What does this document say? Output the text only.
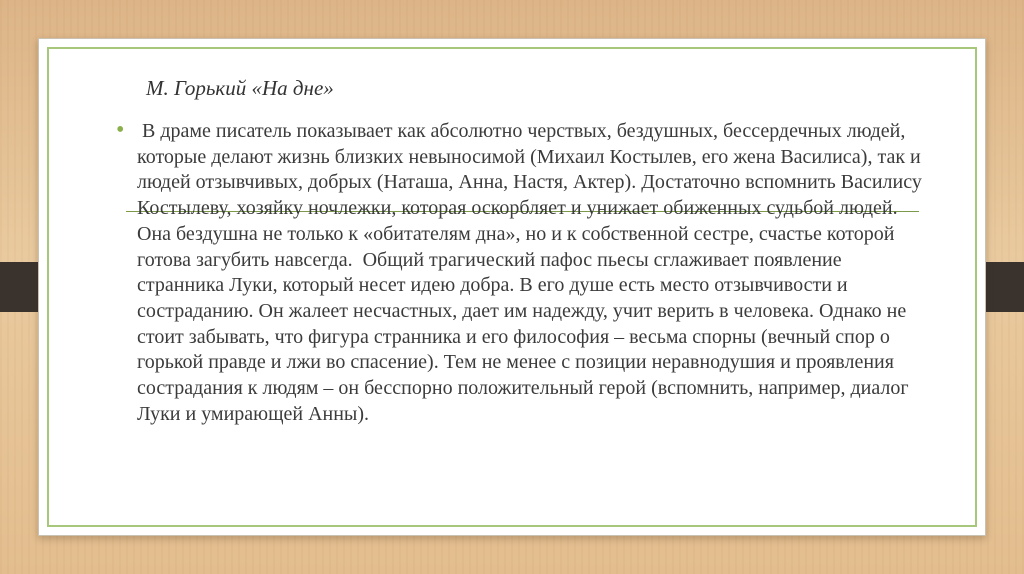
М. Горький «На дне»
• В драме писатель показывает как абсолютно черствых, бездушных, бессердечных людей, которые делают жизнь близких невыносимой (Михаил Костылев, его жена Василиса), так и людей отзывчивых, добрых (Наташа, Анна, Настя, Актер). Достаточно вспомнить Василису Костылеву, хозяйку ночлежки, которая оскорбляет и унижает обиженных судьбой людей. Она бездушна не только к «обитателям дна», но и к собственной сестре, счастье которой готова загубить навсегда.  Общий трагический пафос пьесы сглаживает появление странника Луки, который несет идею добра. В его душе есть место отзывчивости и состраданию. Он жалеет несчастных, дает им надежду, учит верить в человека. Однако не стоит забывать, что фигура странника и его философия – весьма спорны (вечный спор о горькой правде и лжи во спасение). Тем не менее с позиции неравнодушия и проявления сострадания к людям – он бесспорно положительный герой (вспомнить, например, диалог Луки и умирающей Анны).
